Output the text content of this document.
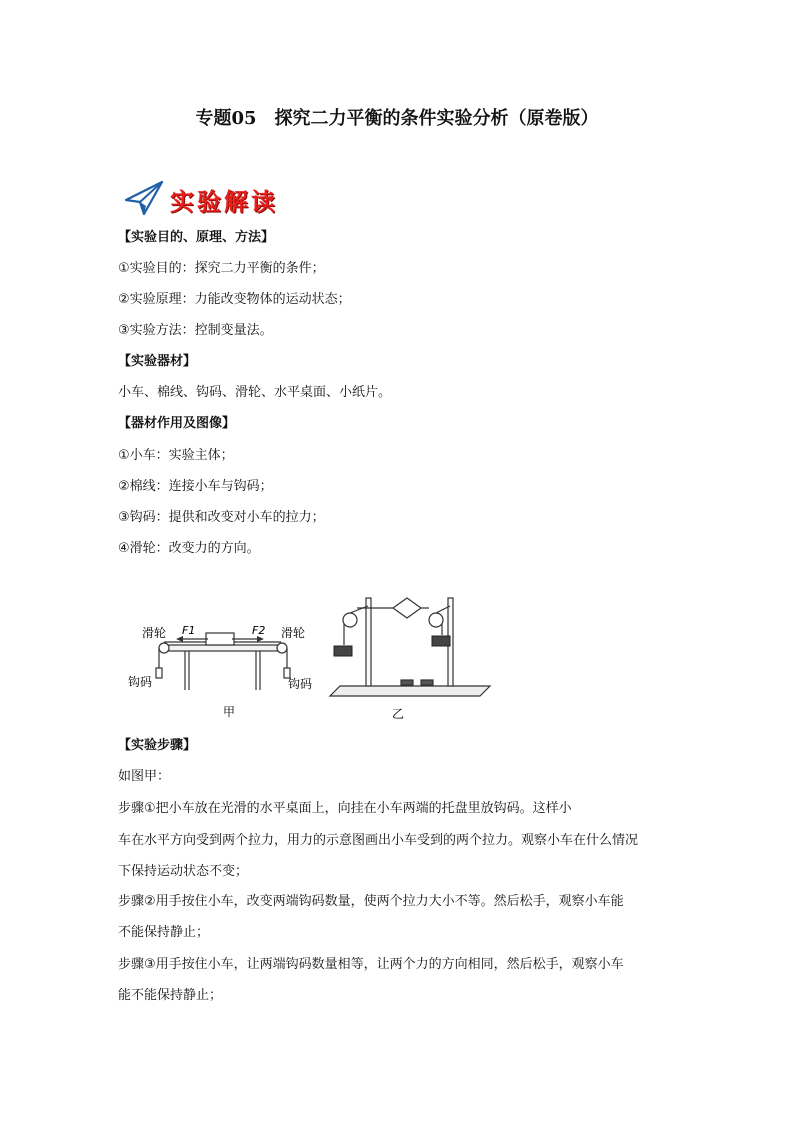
专题05　探究二力平衡的条件实验分析（原卷版）
实验解读
【实验目的、原理、方法】
①实验目的：探究二力平衡的条件；
②实验原理：力能改变物体的运动状态；
③实验方法：控制变量法。
【实验器材】
小车、棉线、钩码、滑轮、水平桌面、小纸片。
【器材作用及图像】
①小车：实验主体；
②棉线：连接小车与钩码；
③钩码：提供和改变对小车的拉力；
④滑轮：改变力的方向。
滑轮	滑轮
F1	F2
钩码	钩码
甲	乙
【实验步骤】
如图甲：
步骤①把小车放在光滑的水平桌面上，向挂在小车两端的托盘里放钩码。这样小
车在水平方向受到两个拉力，用力的示意图画出小车受到的两个拉力。观察小车在什么情况
下保持运动状态不变；
步骤②用手按住小车，改变两端钩码数量，使两个拉力大小不等。然后松手，观察小车能
不能保持静止；
步骤③用手按住小车，让两端钩码数量相等，让两个力的方向相同，然后松手，观察小车
能不能保持静止；
